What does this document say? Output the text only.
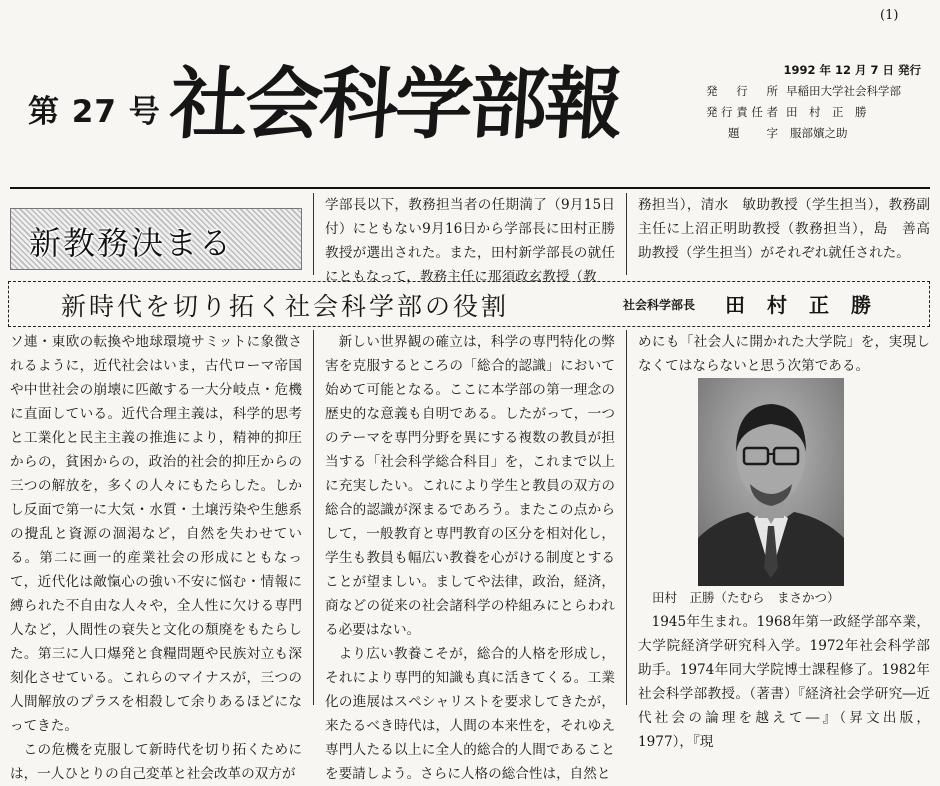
(1)
第 27 号 社会科学部報	1992 年 12 月 7 日 発行
発行所 早稲田大学社会科学部
発行責任者 田　村　正　勝
題字 服部嬪之助
新教務決まる
学部長以下，教務担当者の任期満了（9月15日付）にともない9月16日から学部長に田村正勝教授が選出された。また，田村新学部長の就任にともなって，教務主任に那須政玄教授（教
務担当），清水　敏助教授（学生担当），教務副主任に上沼正明助教授（教務担当），島　善高助教授（学生担当）がそれぞれ就任された。
新時代を切り拓く社会科学部の役割	社会科学部長 田村正勝

ソ連・東欧の転換や地球環境サミットに象徴されるように，近代社会はいま，古代ローマ帝国や中世社会の崩壊に匹敵する一大分岐点・危機に直面している。近代合理主義は，科学的思考と工業化と民主主義の推進により，精神的抑圧からの，貧困からの，政治的社会的抑圧からの三つの解放を，多くの人々にもたらした。しかし反面で第一に大気・水質・土壌汚染や生態系の攪乱と資源の涸渇など，自然を失わせている。第二に画一的産業社会の形成にともなって，近代化は敵愾心の強い不安に悩む・情報に縛られた不自由な人々や，全人性に欠ける専門人など，人間性の衰失と文化の頽廃をもたらした。第三に人口爆発と食糧問題や民族対立も深刻化させている。これらのマイナスが，三つの人間解放のプラスを相殺して余りあるほどになってきた。

この危機を克服して新時代を切り拓くためには，一人ひとりの自己変革と社会改革の双方が

新しい世界観の確立は，科学の専門特化の弊害を克服するところの「総合的認識」において始めて可能となる。ここに本学部の第一理念の歴史的な意義も自明である。したがって，一つのテーマを専門分野を異にする複数の教員が担当する「社会科学総合科目」を，これまで以上に充実したい。これにより学生と教員の双方の総合的認識が深まるであろう。またこの点からして，一般教育と専門教育の区分を相対化し，学生も教員も幅広い教養を心がける制度とすることが望ましい。ましてや法律，政治，経済，商などの従来の社会諸科学の枠組みにとらわれる必要はない。

より広い教養こそが，総合的人格を形成し，それにより専門的知識も真に活きてくる。工業化の進展はスペシャリストを要求してきたが，来たるべき時代は，人間の本来性を，それゆえ専門人たる以上に全人的総合的人間であることを要請しよう。さらに人格の総合性は，自然と

めにも「社会人に開かれた大学院」を，実現しなくてはならないと思う次第である。

田村　正勝（たむら　まさかつ）

1945年生まれ。1968年第一政経学部卒業，大学院経済学研究科入学。1972年社会科学部助手。1974年同大学院博士課程修了。1982年社会科学部教授。（著書）『経済社会学研究―近代社会の論理を越えて―』（昇文出版，1977），『現
